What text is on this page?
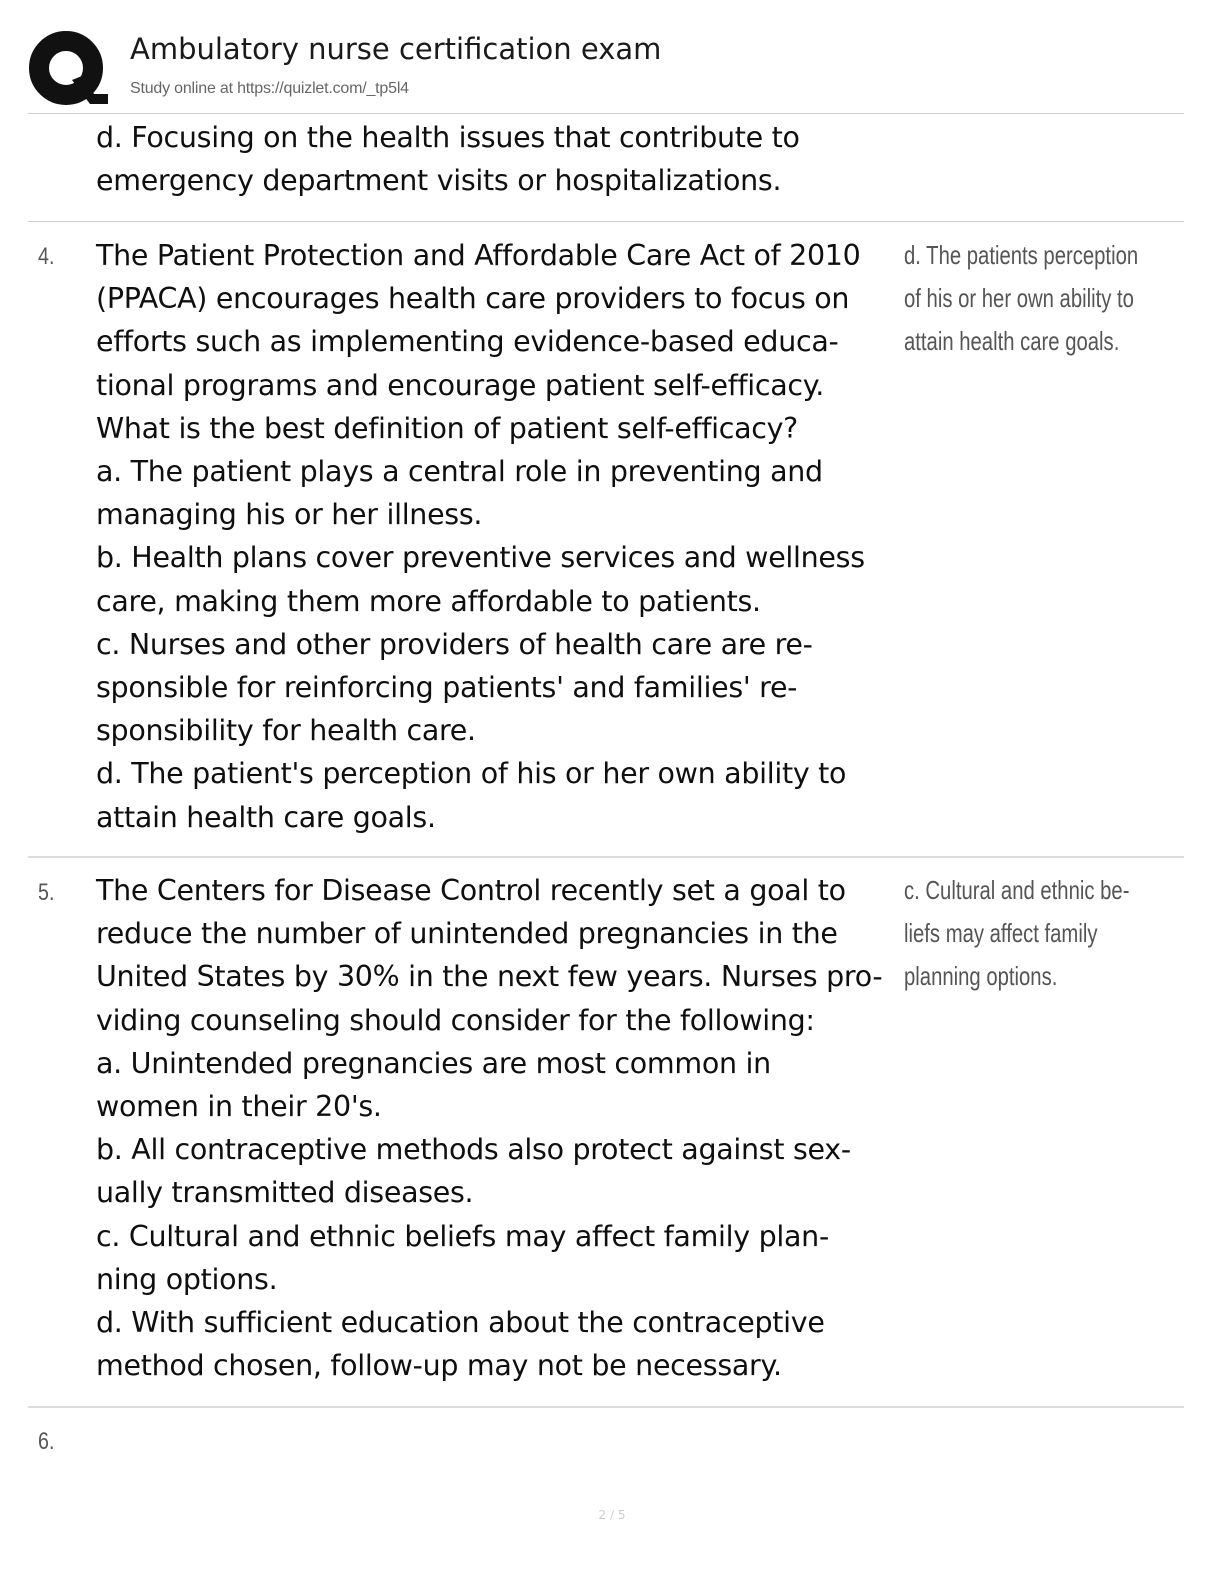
Ambulatory nurse certification exam
Study online at https://quizlet.com/_tp5l4
d. Focusing on the health issues that contribute to
emergency department visits or hospitalizations.
4. The Patient Protection and Affordable Care Act of 2010
(PPACA) encourages health care providers to focus on
efforts such as implementing evidence-based educa-
tional programs and encourage patient self-efficacy.
What is the best definition of patient self-efficacy?
a. The patient plays a central role in preventing and
managing his or her illness.
b. Health plans cover preventive services and wellness
care, making them more affordable to patients.
c. Nurses and other providers of health care are re-
sponsible for reinforcing patients' and families' re-
sponsibility for health care.
d. The patient's perception of his or her own ability to
attain health care goals.
d. The patients perception
of his or her own ability to
attain health care goals.
5. The Centers for Disease Control recently set a goal to
reduce the number of unintended pregnancies in the
United States by 30% in the next few years. Nurses pro-
viding counseling should consider for the following:
a. Unintended pregnancies are most common in
women in their 20's.
b. All contraceptive methods also protect against sex-
ually transmitted diseases.
c. Cultural and ethnic beliefs may affect family plan-
ning options.
d. With sufficient education about the contraceptive
method chosen, follow-up may not be necessary.
c. Cultural and ethnic be-
liefs may affect family
planning options.
6.
2 / 5
